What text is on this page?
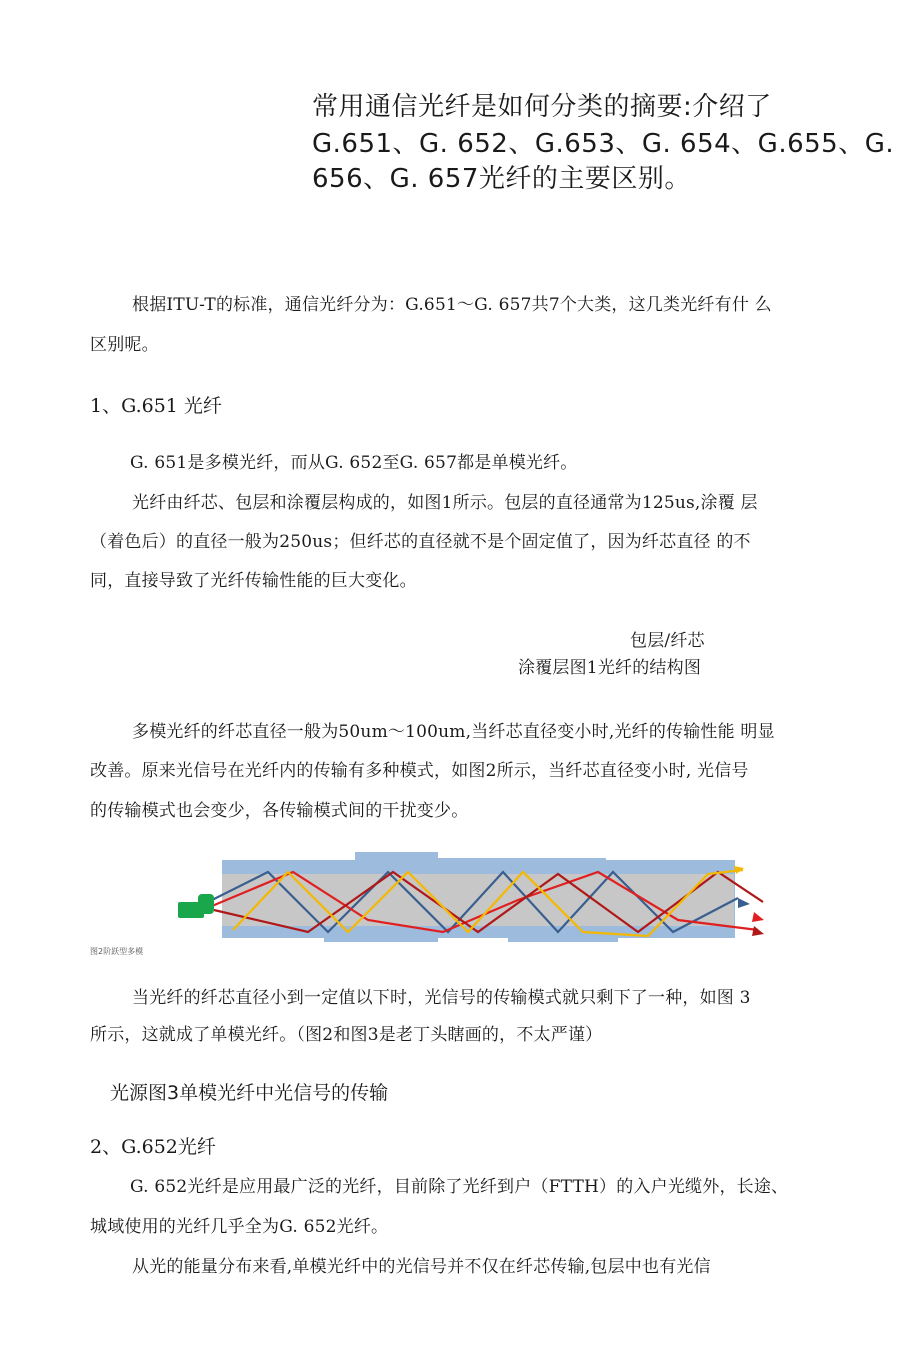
常用通信光纤是如何分类的摘要:介绍了
G.651、G. 652、G.653、G. 654、G.655、G.
656、G. 657光纤的主要区别。
根据ITU-T的标准，通信光纤分为：G.651〜G. 657共7个大类，这几类光纤有什 么
区别呢。
1、G.651 光纤
G. 651是多模光纤，而从G. 652至G. 657都是单模光纤。
光纤由纤芯、包层和涂覆层构成的，如图1所示。包层的直径通常为125us,涂覆 层
（着色后）的直径一般为250us；但纤芯的直径就不是个固定值了，因为纤芯直径 的不
同，直接导致了光纤传输性能的巨大变化。
包层/纤芯
涂覆层图1光纤的结构图
多模光纤的纤芯直径一般为50um〜100um,当纤芯直径变小时,光纤的传输性能 明显
改善。原来光信号在光纤内的传输有多种模式，如图2所示，当纤芯直径变小时, 光信号
的传输模式也会变少，各传输模式间的干扰变少。
图2阶跃型多模
当光纤的纤芯直径小到一定值以下时，光信号的传输模式就只剩下了一种，如图 3
所示，这就成了单模光纤。（图2和图3是老丁头瞎画的，不太严谨）
光源图3单模光纤中光信号的传输
2、G.652光纤
G. 652光纤是应用最广泛的光纤，目前除了光纤到户（FTTH）的入户光缆外，长途、
城域使用的光纤几乎全为G. 652光纤。
从光的能量分布来看,单模光纤中的光信号并不仅在纤芯传输,包层中也有光信
